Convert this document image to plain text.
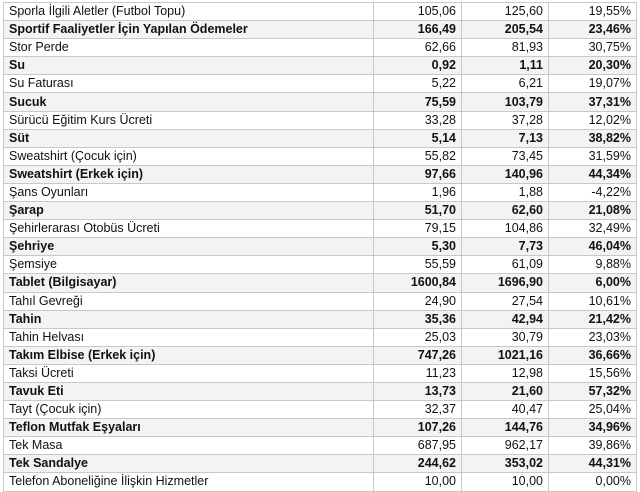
Sporla İlgili Aletler (Futbol Topu)	105,06	125,60	19,55%
Sportif Faaliyetler İçin Yapılan Ödemeler	166,49	205,54	23,46%
Stor Perde	62,66	81,93	30,75%
Su	0,92	1,11	20,30%
Su Faturası	5,22	6,21	19,07%
Sucuk	75,59	103,79	37,31%
Sürücü Eğitim Kurs Ücreti	33,28	37,28	12,02%
Süt	5,14	7,13	38,82%
Sweatshirt (Çocuk için)	55,82	73,45	31,59%
Sweatshirt (Erkek için)	97,66	140,96	44,34%
Şans Oyunları	1,96	1,88	-4,22%
Şarap	51,70	62,60	21,08%
Şehirlerarası Otobüs Ücreti	79,15	104,86	32,49%
Şehriye	5,30	7,73	46,04%
Şemsiye	55,59	61,09	9,88%
Tablet (Bilgisayar)	1600,84	1696,90	6,00%
Tahıl Gevreği	24,90	27,54	10,61%
Tahin	35,36	42,94	21,42%
Tahin Helvası	25,03	30,79	23,03%
Takım Elbise (Erkek için)	747,26	1021,16	36,66%
Taksi Ücreti	11,23	12,98	15,56%
Tavuk Eti	13,73	21,60	57,32%
Tayt (Çocuk için)	32,37	40,47	25,04%
Teflon Mutfak Eşyaları	107,26	144,76	34,96%
Tek Masa	687,95	962,17	39,86%
Tek Sandalye	244,62	353,02	44,31%
Telefon Aboneliğine İlişkin Hizmetler	10,00	10,00	0,00%
